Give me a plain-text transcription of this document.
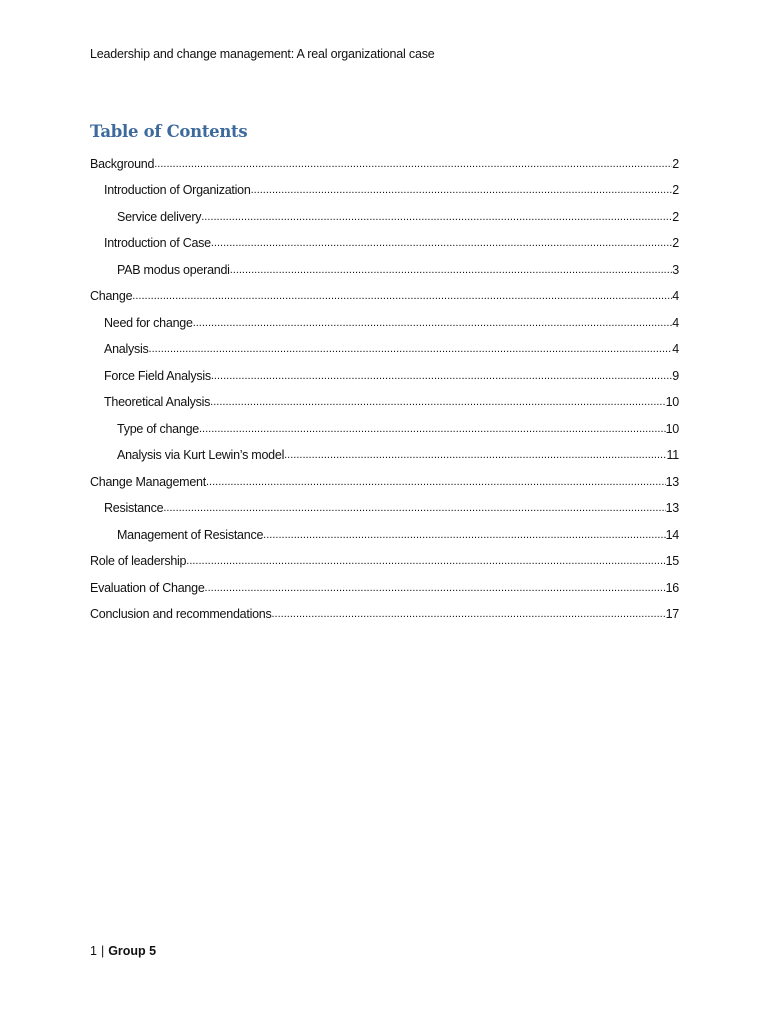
Leadership and change management: A real organizational case
Table of Contents
Background .....	2
Introduction of Organization .....	2
Service delivery .....	2
Introduction of Case .....	2
PAB modus operandi .....	3
Change .....	4
Need for change .....	4
Analysis .....	4
Force Field Analysis .....	9
Theoretical Analysis .....	10
Type of change .....	10
Analysis via Kurt Lewin’s model .....	11
Change Management .....	13
Resistance .....	13
Management of Resistance .....	14
Role of leadership .....	15
Evaluation of Change .....	16
Conclusion and recommendations .....	17
1 | Group 5
